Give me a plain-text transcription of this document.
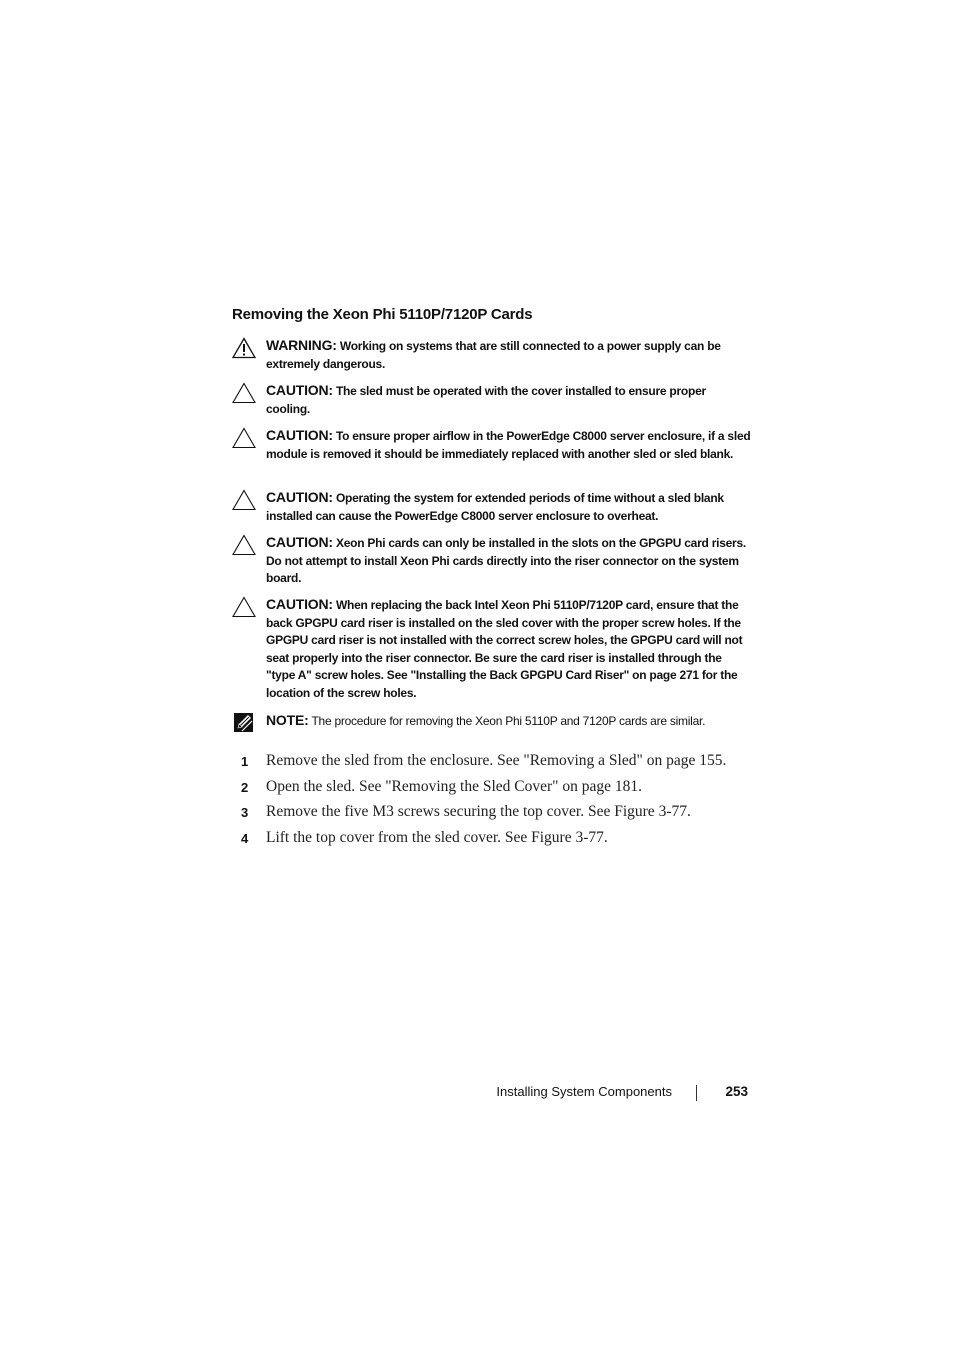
Removing the Xeon Phi 5110P/7120P Cards
WARNING: Working on systems that are still connected to a power supply can be extremely dangerous.
CAUTION: The sled must be operated with the cover installed to ensure proper cooling.
CAUTION: To ensure proper airflow in the PowerEdge C8000 server enclosure, if a sled module is removed it should be immediately replaced with another sled or sled blank.
CAUTION: Operating the system for extended periods of time without a sled blank installed can cause the PowerEdge C8000 server enclosure to overheat.
CAUTION: Xeon Phi cards can only be installed in the slots on the GPGPU card risers. Do not attempt to install Xeon Phi cards directly into the riser connector on the system board.
CAUTION: When replacing the back Intel Xeon Phi 5110P/7120P card, ensure that the back GPGPU card riser is installed on the sled cover with the proper screw holes. If the GPGPU card riser is not installed with the correct screw holes, the GPGPU card will not seat properly into the riser connector. Be sure the card riser is installed through the "type A" screw holes. See "Installing the Back GPGPU Card Riser" on page 271 for the location of the screw holes.
NOTE: The procedure for removing the Xeon Phi 5110P and 7120P cards are similar.
1 Remove the sled from the enclosure. See "Removing a Sled" on page 155.
2 Open the sled. See "Removing the Sled Cover" on page 181.
3 Remove the five M3 screws securing the top cover. See Figure 3-77.
4 Lift the top cover from the sled cover. See Figure 3-77.
Installing System Components	253
